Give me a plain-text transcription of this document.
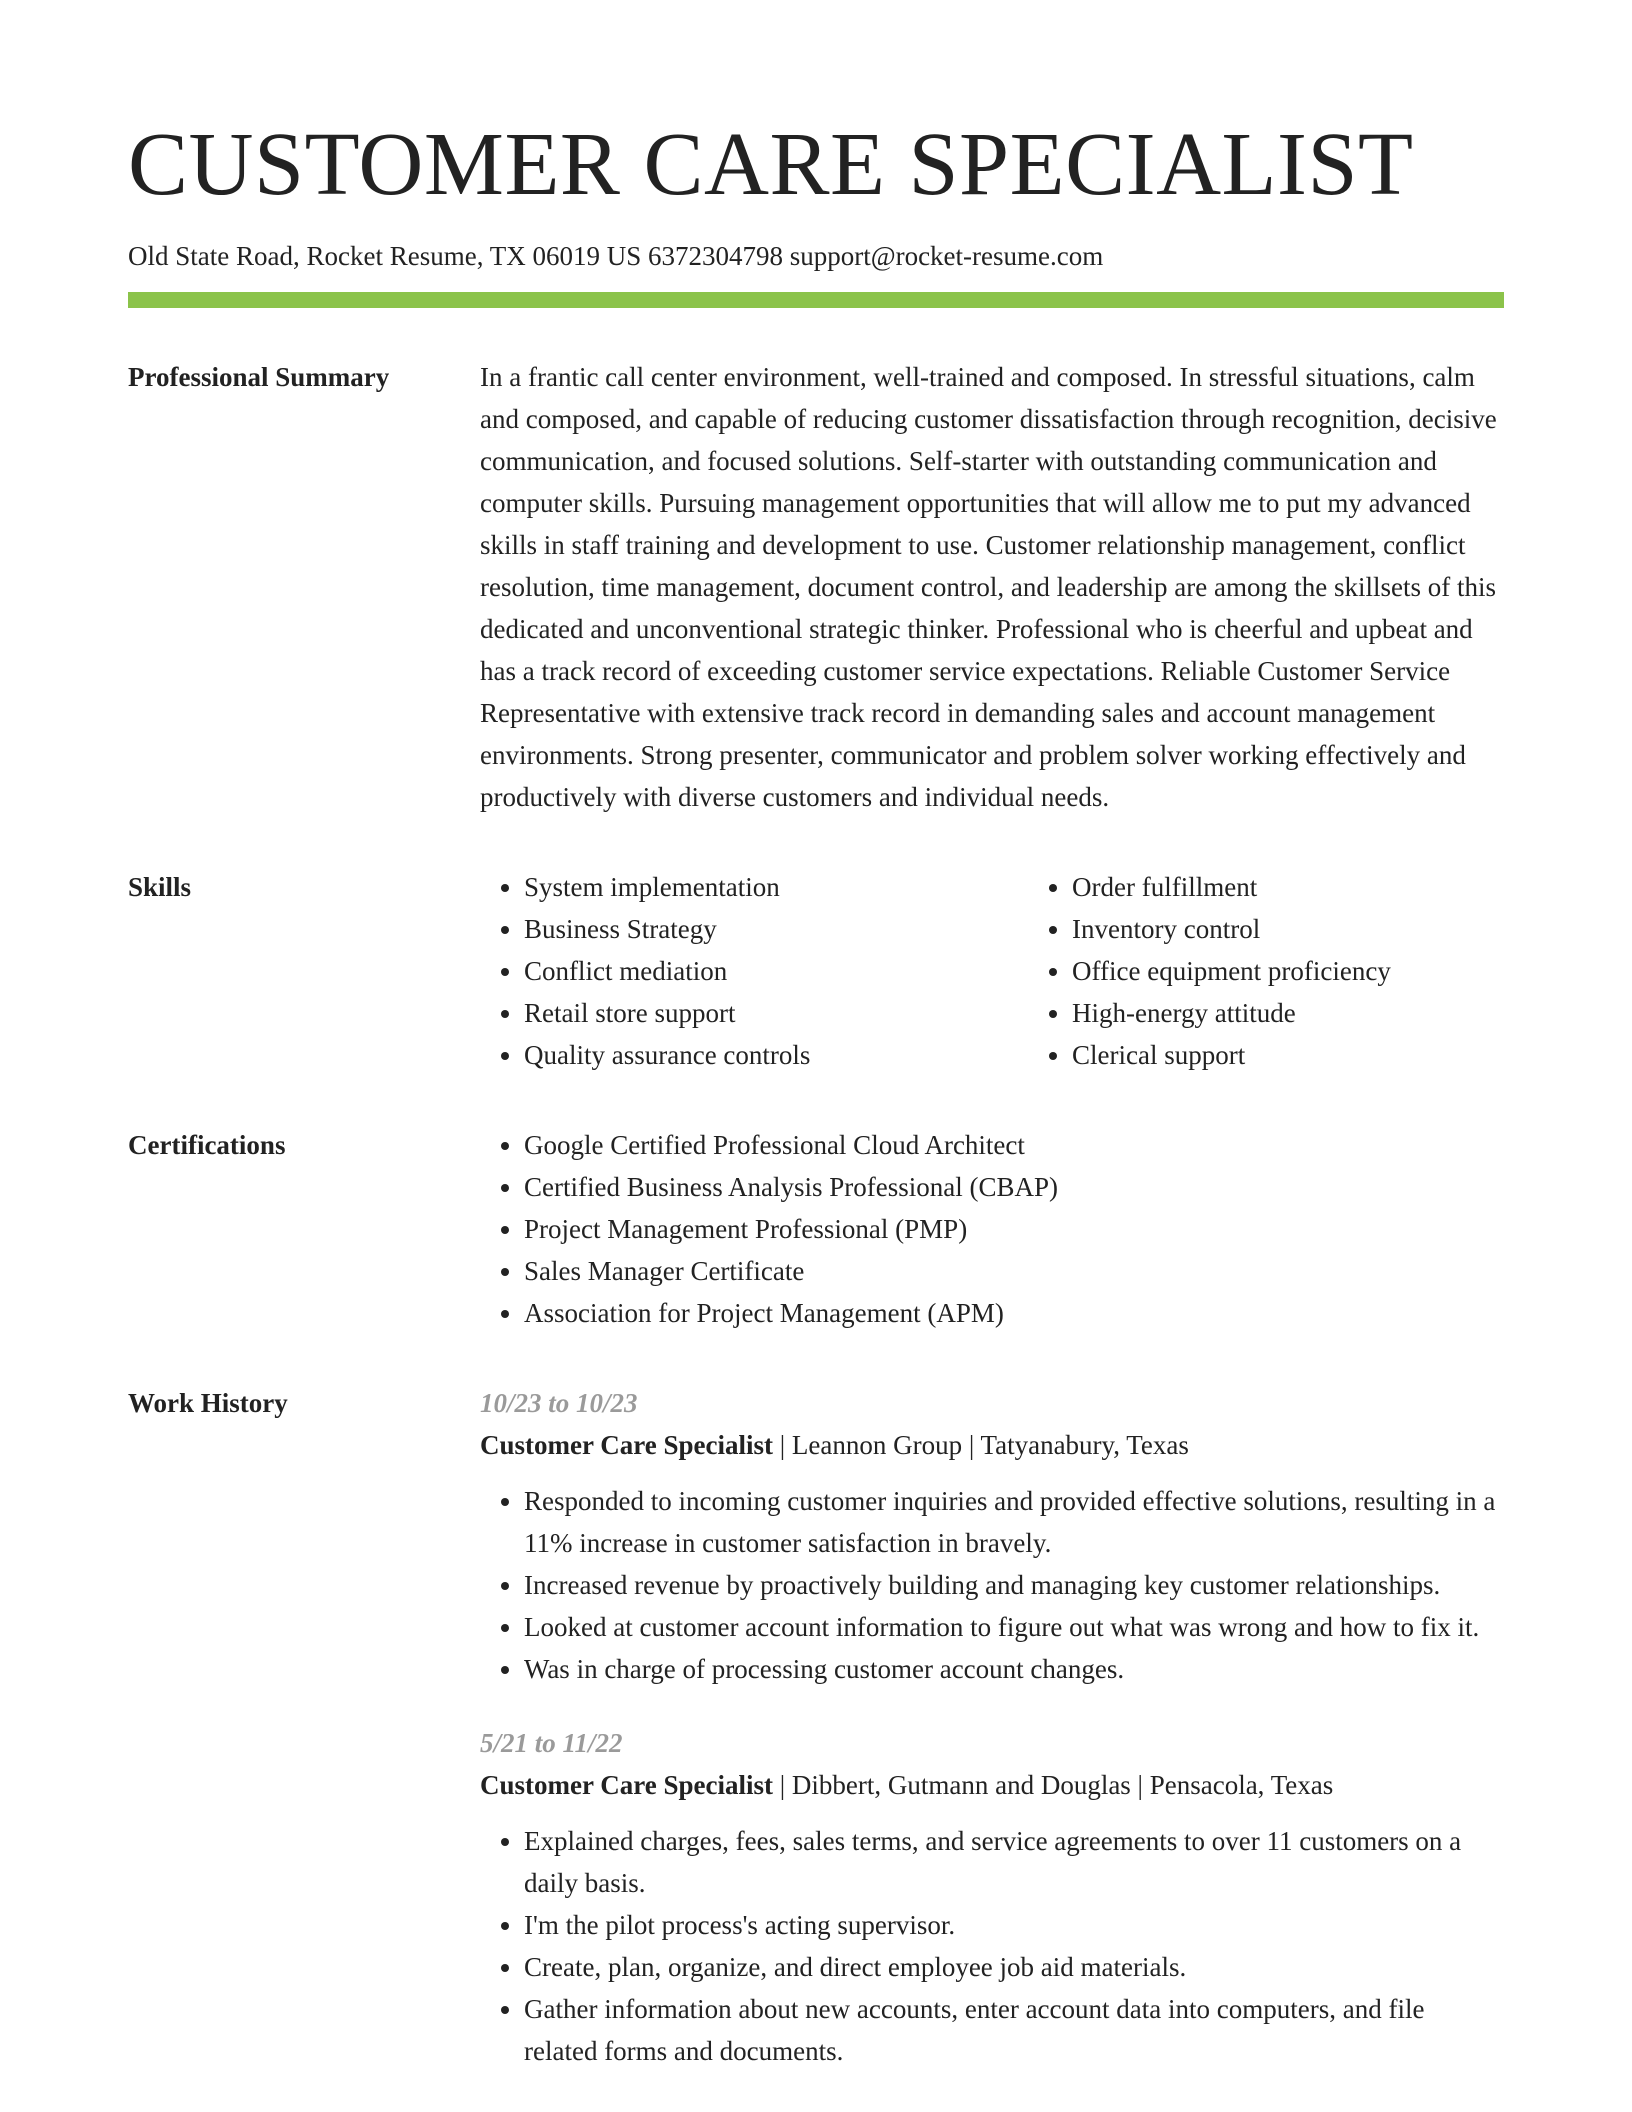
CUSTOMER CARE SPECIALIST
Old State Road, Rocket Resume, TX 06019 US 6372304798 support@rocket-resume.com
Professional Summary	In a frantic call center environment, well-trained and composed. In stressful situations, calm and composed, and capable of reducing customer dissatisfaction through recognition, decisive communication, and focused solutions. Self-starter with outstanding communication and computer skills. Pursuing management opportunities that will allow me to put my advanced skills in staff training and development to use. Customer relationship management, conflict resolution, time management, document control, and leadership are among the skillsets of this dedicated and unconventional strategic thinker. Professional who is cheerful and upbeat and has a track record of exceeding customer service expectations. Reliable Customer Service Representative with extensive track record in demanding sales and account management environments. Strong presenter, communicator and problem solver working effectively and productively with diverse customers and individual needs.

Skills	• System implementation
• Business Strategy
• Conflict mediation
• Retail store support
• Quality assurance controls
• Order fulfillment
• Inventory control
• Office equipment proficiency
• High-energy attitude
• Clerical support
Certifications	• Google Certified Professional Cloud Architect
• Certified Business Analysis Professional (CBAP)
• Project Management Professional (PMP)
• Sales Manager Certificate
• Association for Project Management (APM)
Work History	10/23 to 10/23
Customer Care Specialist | Leannon Group | Tatyanabury, Texas
• Responded to incoming customer inquiries and provided effective solutions, resulting in a 11% increase in customer satisfaction in bravely.
• Increased revenue by proactively building and managing key customer relationships.
• Looked at customer account information to figure out what was wrong and how to fix it.
• Was in charge of processing customer account changes.
5/21 to 11/22
Customer Care Specialist | Dibbert, Gutmann and Douglas | Pensacola, Texas
• Explained charges, fees, sales terms, and service agreements to over 11 customers on a daily basis.
• I'm the pilot process's acting supervisor.
• Create, plan, organize, and direct employee job aid materials.
• Gather information about new accounts, enter account data into computers, and file related forms and documents.
